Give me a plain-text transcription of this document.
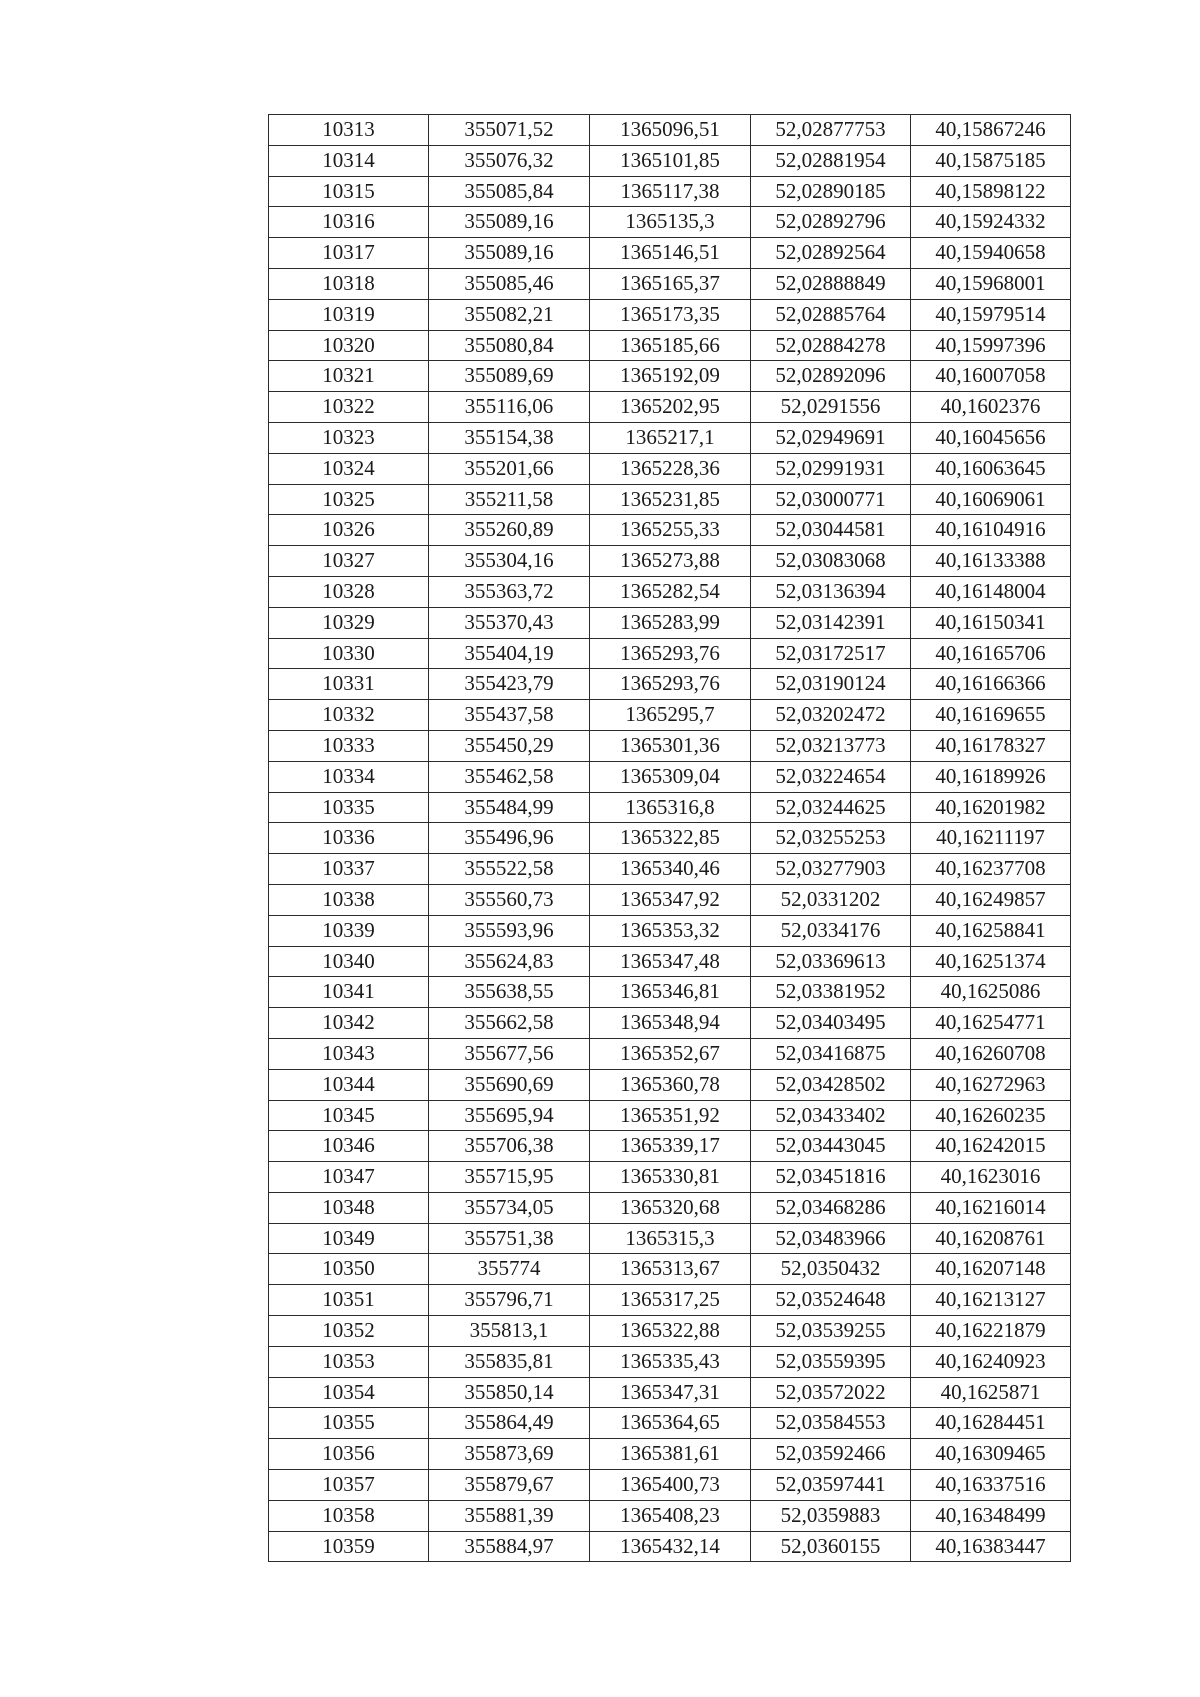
10313	355071,52	1365096,51	52,02877753	40,15867246
10314	355076,32	1365101,85	52,02881954	40,15875185
10315	355085,84	1365117,38	52,02890185	40,15898122
10316	355089,16	1365135,3	52,02892796	40,15924332
10317	355089,16	1365146,51	52,02892564	40,15940658
10318	355085,46	1365165,37	52,02888849	40,15968001
10319	355082,21	1365173,35	52,02885764	40,15979514
10320	355080,84	1365185,66	52,02884278	40,15997396
10321	355089,69	1365192,09	52,02892096	40,16007058
10322	355116,06	1365202,95	52,0291556	40,1602376
10323	355154,38	1365217,1	52,02949691	40,16045656
10324	355201,66	1365228,36	52,02991931	40,16063645
10325	355211,58	1365231,85	52,03000771	40,16069061
10326	355260,89	1365255,33	52,03044581	40,16104916
10327	355304,16	1365273,88	52,03083068	40,16133388
10328	355363,72	1365282,54	52,03136394	40,16148004
10329	355370,43	1365283,99	52,03142391	40,16150341
10330	355404,19	1365293,76	52,03172517	40,16165706
10331	355423,79	1365293,76	52,03190124	40,16166366
10332	355437,58	1365295,7	52,03202472	40,16169655
10333	355450,29	1365301,36	52,03213773	40,16178327
10334	355462,58	1365309,04	52,03224654	40,16189926
10335	355484,99	1365316,8	52,03244625	40,16201982
10336	355496,96	1365322,85	52,03255253	40,16211197
10337	355522,58	1365340,46	52,03277903	40,16237708
10338	355560,73	1365347,92	52,0331202	40,16249857
10339	355593,96	1365353,32	52,0334176	40,16258841
10340	355624,83	1365347,48	52,03369613	40,16251374
10341	355638,55	1365346,81	52,03381952	40,1625086
10342	355662,58	1365348,94	52,03403495	40,16254771
10343	355677,56	1365352,67	52,03416875	40,16260708
10344	355690,69	1365360,78	52,03428502	40,16272963
10345	355695,94	1365351,92	52,03433402	40,16260235
10346	355706,38	1365339,17	52,03443045	40,16242015
10347	355715,95	1365330,81	52,03451816	40,1623016
10348	355734,05	1365320,68	52,03468286	40,16216014
10349	355751,38	1365315,3	52,03483966	40,16208761
10350	355774	1365313,67	52,0350432	40,16207148
10351	355796,71	1365317,25	52,03524648	40,16213127
10352	355813,1	1365322,88	52,03539255	40,16221879
10353	355835,81	1365335,43	52,03559395	40,16240923
10354	355850,14	1365347,31	52,03572022	40,1625871
10355	355864,49	1365364,65	52,03584553	40,16284451
10356	355873,69	1365381,61	52,03592466	40,16309465
10357	355879,67	1365400,73	52,03597441	40,16337516
10358	355881,39	1365408,23	52,0359883	40,16348499
10359	355884,97	1365432,14	52,0360155	40,16383447
